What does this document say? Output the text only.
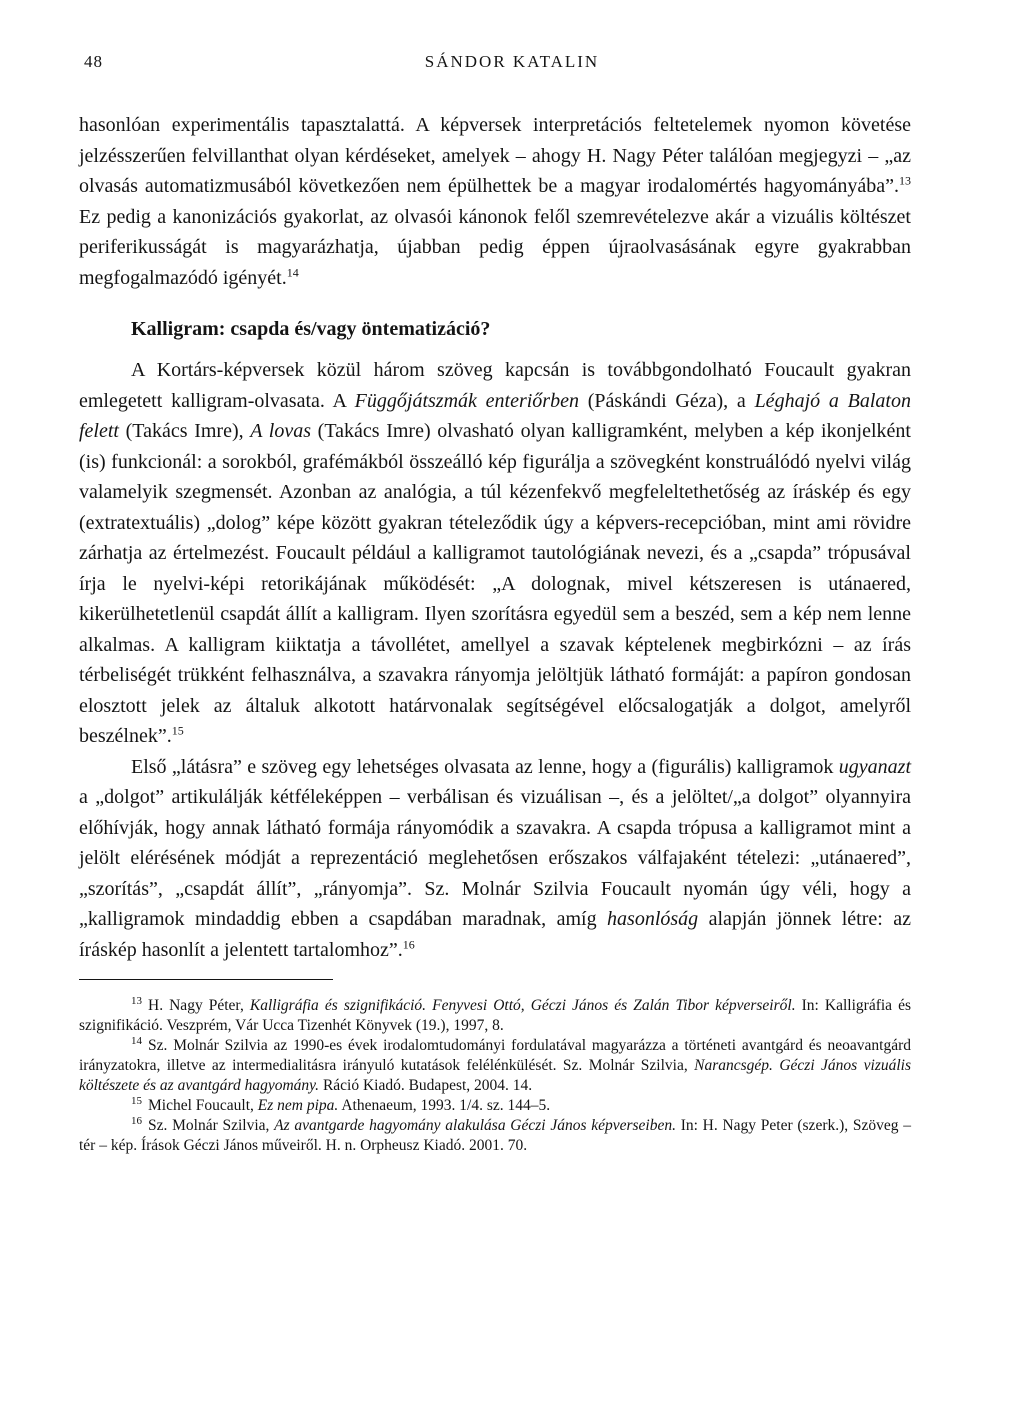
48	SÁNDOR KATALIN

hasonlóan experimentális tapasztalattá. A képversek interpretációs feltetelemek nyomon követése jelzésszerűen felvillanthat olyan kérdéseket, amelyek – ahogy H. Nagy Péter találóan megjegyzi – „az olvasás automatizmusából következően nem épülhettek be a magyar irodalomértés hagyományába”.$^{13}$ Ez pedig a kanonizációs gyakorlat, az olvasói kánonok felől szemrevételezve akár a vizuális költészet periferikusságát is magyarázhatja, újabban pedig éppen újraolvasásának egyre gyakrabban megfogalmazódó igényét.$^{14}$

Kalligram: csapda és/vagy öntematizáció?

A Kortárs-képversek közül három szöveg kapcsán is továbbgondolható Foucault gyakran emlegetett kalligram-olvasata. A Függőjátszmák enteriőrben (Páskándi Géza), a Léghajó a Balaton felett (Takács Imre), A lovas (Takács Imre) olvasható olyan kalligramként, melyben a kép ikonjelként (is) funkcionál: a sorokból, grafémákból összeálló kép figurálja a szövegként konstruálódó nyelvi világ valamelyik szegmensét. Azonban az analógia, a túl kézenfekvő megfeleltethetőség az íráskép és egy (extratextuális) „dolog” képe között gyakran tételeződik úgy a képvers-recepcióban, mint ami rövidre zárhatja az értelmezést. Foucault például a kalligramot tautológiának nevezi, és a „csapda” trópusával írja le nyelvi-képi retorikájának működését: „A dolognak, mivel kétszeresen is utánaered, kikerülhetetlenül csapdát állít a kalligram. Ilyen szorításra egyedül sem a beszéd, sem a kép nem lenne alkalmas. A kalligram kiiktatja a távollétet, amellyel a szavak képtelenek megbirkózni – az írás térbeliségét trükként felhasználva, a szavakra rányomja jelöltjük látható formáját: a papíron gondosan elosztott jelek az általuk alkotott határvonalak segítségével előcsalogatják a dolgot, amelyről beszélnek”.$^{15}$

Első „látásra” e szöveg egy lehetséges olvasata az lenne, hogy a (figurális) kalligramok ugyanazt a „dolgot” artikulálják kétféleképpen – verbálisan és vizuálisan –, és a jelöltet/„a dolgot” olyannyira előhívják, hogy annak látható formája rányomódik a szavakra. A csapda trópusa a kalligramot mint a jelölt elérésének módját a reprezentáció meglehetősen erőszakos válfajaként tételezi: „utánaered”, „szorítás”, „csapdát állít”, „rányomja”. Sz. Molnár Szilvia Foucault nyomán úgy véli, hogy a „kalligramok mindaddig ebben a csapdában maradnak, amíg hasonlóság alapján jönnek létre: az íráskép hasonlít a jelentett tartalomhoz”.$^{16}$

$^{13}$ H. Nagy Péter, Kalligráfia és szignifikáció. Fenyvesi Ottó, Géczi János és Zalán Tibor képverseiről. In: Kalligráfia és szignifikáció. Veszprém, Vár Ucca Tizenhét Könyvek (19.), 1997, 8.

$^{14}$ Sz. Molnár Szilvia az 1990-es évek irodalomtudományi fordulatával magyarázza a történeti avantgárd és neoavantgárd irányzatokra, illetve az intermedialitásra irányuló kutatások felélénkülését. Sz. Molnár Szilvia, Narancsgép. Géczi János vizuális költészete és az avantgárd hagyomány. Ráció Kiadó. Budapest, 2004. 14.

$^{15}$ Michel Foucault, Ez nem pipa. Athenaeum, 1993. 1/4. sz. 144–5.

$^{16}$ Sz. Molnár Szilvia, Az avantgarde hagyomány alakulása Géczi János képverseiben. In: H. Nagy Peter (szerk.), Szöveg – tér – kép. Írások Géczi János műveiről. H. n. Orpheusz Kiadó. 2001. 70.
